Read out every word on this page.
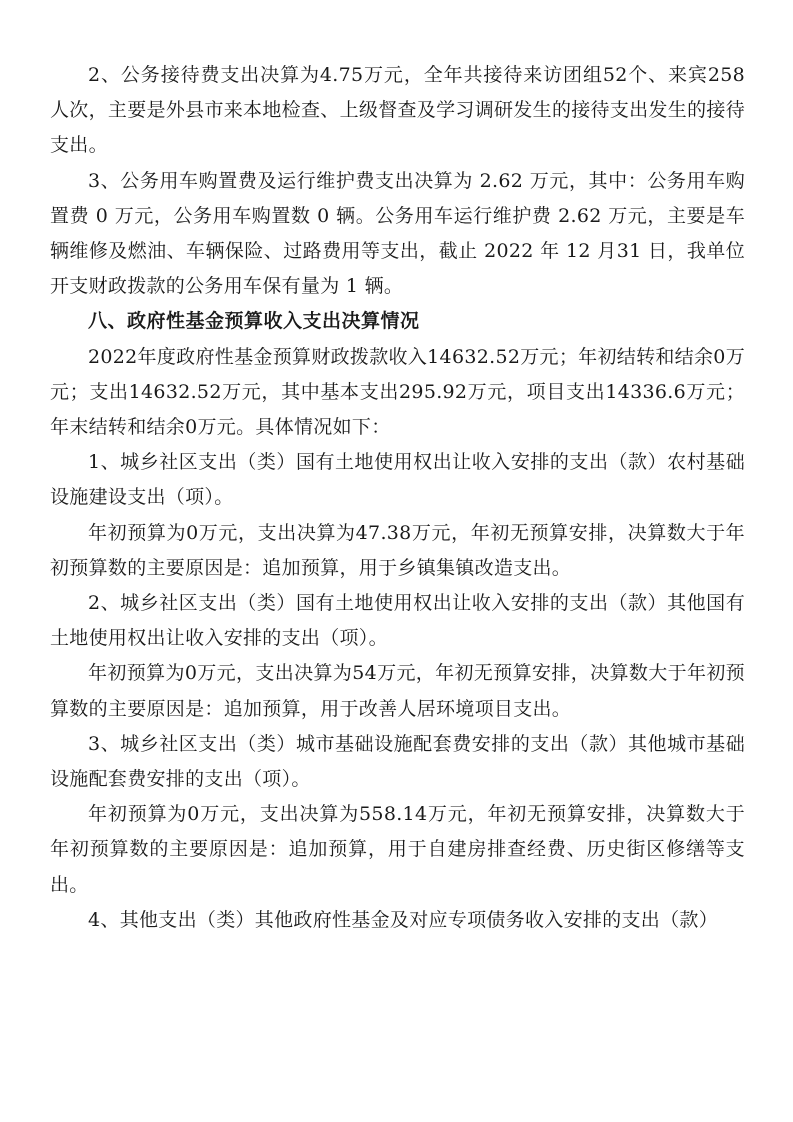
2、公务接待费支出决算为4.75万元，全年共接待来访团组52个、来宾258人次，主要是外县市来本地检查、上级督查及学习调研发生的接待支出发生的接待支出。

3、公务用车购置费及运行维护费支出决算为 2.62 万元，其中：公务用车购置费 0 万元，公务用车购置数 0 辆。公务用车运行维护费 2.62 万元，主要是车辆维修及燃油、车辆保险、过路费用等支出，截止 2022 年 12 月31 日，我单位开支财政拨款的公务用车保有量为 1 辆。

八、政府性基金预算收入支出决算情况

2022年度政府性基金预算财政拨款收入14632.52万元；年初结转和结余0万元；支出14632.52万元，其中基本支出295.92万元，项目支出14336.6万元；年末结转和结余0万元。具体情况如下：

1、城乡社区支出（类）国有土地使用权出让收入安排的支出（款）农村基础设施建设支出（项）。

年初预算为0万元，支出决算为47.38万元，年初无预算安排，决算数大于年初预算数的主要原因是：追加预算，用于乡镇集镇改造支出。

2、城乡社区支出（类）国有土地使用权出让收入安排的支出（款）其他国有土地使用权出让收入安排的支出（项）。

年初预算为0万元，支出决算为54万元，年初无预算安排，决算数大于年初预算数的主要原因是：追加预算，用于改善人居环境项目支出。

3、城乡社区支出（类）城市基础设施配套费安排的支出（款）其他城市基础设施配套费安排的支出（项）。

年初预算为0万元，支出决算为558.14万元，年初无预算安排，决算数大于年初预算数的主要原因是：追加预算，用于自建房排查经费、历史街区修缮等支出。

4、其他支出（类）其他政府性基金及对应专项债务收入安排的支出（款）
